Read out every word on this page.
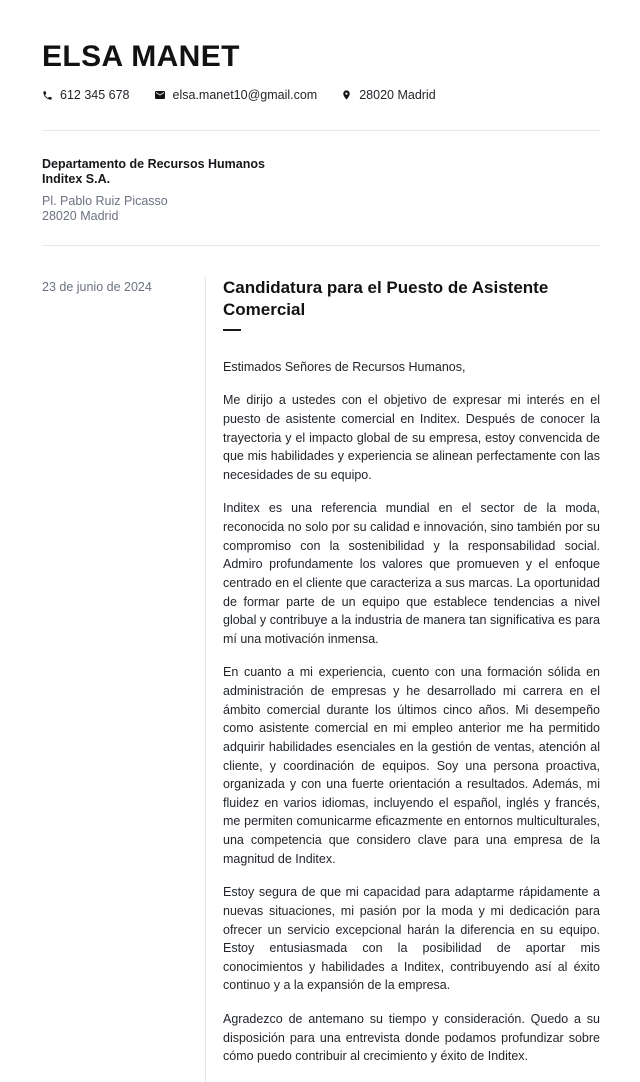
ELSA MANET
612 345 678	elsa.manet10@gmail.com	28020 Madrid

Departamento de Recursos Humanos

Inditex S.A.

Pl. Pablo Ruiz Picasso

28020 Madrid

23 de junio de 2024	Candidatura para el Puesto de Asistente Comercial

Estimados Señores de Recursos Humanos,

Me dirijo a ustedes con el objetivo de expresar mi interés en el puesto de asistente comercial en Inditex. Después de conocer la trayectoria y el impacto global de su empresa, estoy convencida de que mis habilidades y experiencia se alinean perfectamente con las necesidades de su equipo.

Inditex es una referencia mundial en el sector de la moda, reconocida no solo por su calidad e innovación, sino también por su compromiso con la sostenibilidad y la responsabilidad social. Admiro profundamente los valores que promueven y el enfoque centrado en el cliente que caracteriza a sus marcas. La oportunidad de formar parte de un equipo que establece tendencias a nivel global y contribuye a la industria de manera tan significativa es para mí una motivación inmensa.

En cuanto a mi experiencia, cuento con una formación sólida en administración de empresas y he desarrollado mi carrera en el ámbito comercial durante los últimos cinco años. Mi desempeño como asistente comercial en mi empleo anterior me ha permitido adquirir habilidades esenciales en la gestión de ventas, atención al cliente, y coordinación de equipos. Soy una persona proactiva, organizada y con una fuerte orientación a resultados. Además, mi fluidez en varios idiomas, incluyendo el español, inglés y francés, me permiten comunicarme eficazmente en entornos multiculturales, una competencia que considero clave para una empresa de la magnitud de Inditex.

Estoy segura de que mi capacidad para adaptarme rápidamente a nuevas situaciones, mi pasión por la moda y mi dedicación para ofrecer un servicio excepcional harán la diferencia en su equipo. Estoy entusiasmada con la posibilidad de aportar mis conocimientos y habilidades a Inditex, contribuyendo así al éxito continuo y a la expansión de la empresa.

Agradezco de antemano su tiempo y consideración. Quedo a su disposición para una entrevista donde podamos profundizar sobre cómo puedo contribuir al crecimiento y éxito de Inditex.
